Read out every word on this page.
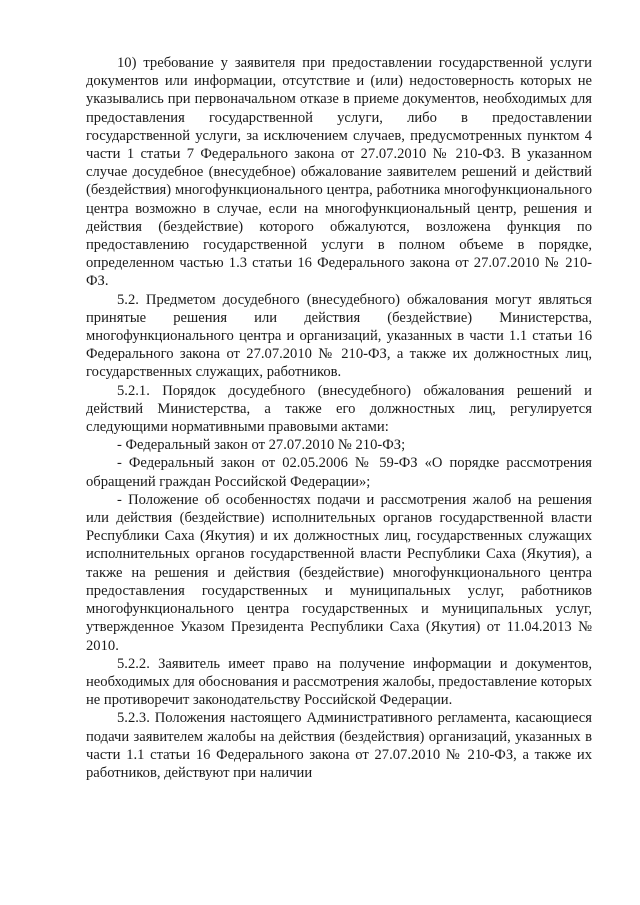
10) требование у заявителя при предоставлении государственной услуги документов или информации, отсутствие и (или) недостоверность которых не указывались при первоначальном отказе в приеме документов, необходимых для предоставления государственной услуги, либо в предоставлении государственной услуги, за исключением случаев, предусмотренных пунктом 4 части 1 статьи 7 Федерального закона от 27.07.2010 № 210-ФЗ. В указанном случае досудебное (внесудебное) обжалование заявителем решений и действий (бездействия) многофункционального центра, работника многофункционального центра возможно в случае, если на многофункциональный центр, решения и действия (бездействие) которого обжалуются, возложена функция по предоставлению государственной услуги в полном объеме в порядке, определенном частью 1.3 статьи 16 Федерального закона от 27.07.2010 № 210-ФЗ.

5.2. Предметом досудебного (внесудебного) обжалования могут являться принятые решения или действия (бездействие) Министерства, многофункционального центра и организаций, указанных в части 1.1 статьи 16 Федерального закона от 27.07.2010 № 210-ФЗ, а также их должностных лиц, государственных служащих, работников.

5.2.1. Порядок досудебного (внесудебного) обжалования решений и действий Министерства, а также его должностных лиц, регулируется следующими нормативными правовыми актами:

- Федеральный закон от 27.07.2010 № 210-ФЗ;

- Федеральный закон от 02.05.2006 № 59-ФЗ «О порядке рассмотрения обращений граждан Российской Федерации»;

- Положение об особенностях подачи и рассмотрения жалоб на решения или действия (бездействие) исполнительных органов государственной власти Республики Саха (Якутия) и их должностных лиц, государственных служащих исполнительных органов государственной власти Республики Саха (Якутия), а также на решения и действия (бездействие) многофункционального центра предоставления государственных и муниципальных услуг, работников многофункционального центра государственных и муниципальных услуг, утвержденное Указом Президента Республики Саха (Якутия) от 11.04.2013 № 2010.

5.2.2. Заявитель имеет право на получение информации и документов, необходимых для обоснования и рассмотрения жалобы, предоставление которых не противоречит законодательству Российской Федерации.

5.2.3. Положения настоящего Административного регламента, касающиеся подачи заявителем жалобы на действия (бездействия) организаций, указанных в части 1.1 статьи 16 Федерального закона от 27.07.2010 № 210-ФЗ, а также их работников, действуют при наличии
